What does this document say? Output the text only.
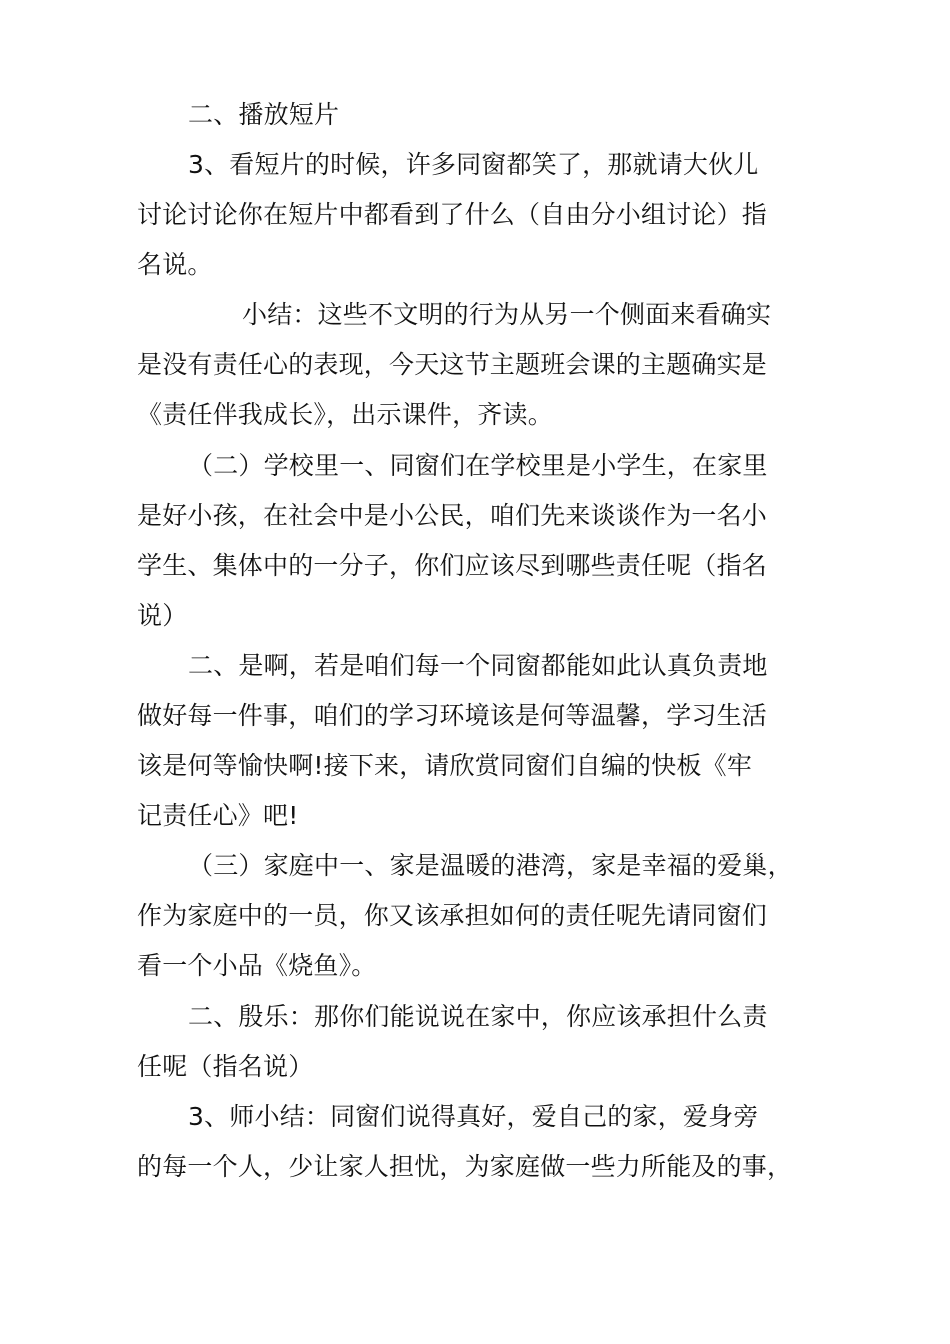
二、播放短片
3、看短片的时候，许多同窗都笑了，那就请大伙儿
讨论讨论你在短片中都看到了什么（自由分小组讨论）指
名说。
小结：这些不文明的行为从另一个侧面来看确实
是没有责任心的表现，今天这节主题班会课的主题确实是
《责任伴我成长》，出示课件，齐读。
（二）学校里一、同窗们在学校里是小学生，在家里
是好小孩，在社会中是小公民，咱们先来谈谈作为一名小
学生、集体中的一分子，你们应该尽到哪些责任呢（指名
说）
二、是啊，若是咱们每一个同窗都能如此认真负责地
做好每一件事，咱们的学习环境该是何等温馨，学习生活
该是何等愉快啊!接下来，请欣赏同窗们自编的快板《牢
记责任心》吧!
（三）家庭中一、家是温暖的港湾，家是幸福的爱巢，
作为家庭中的一员，你又该承担如何的责任呢先请同窗们
看一个小品《烧鱼》。
二、殷乐：那你们能说说在家中，你应该承担什么责
任呢（指名说）
3、师小结：同窗们说得真好，爱自己的家，爱身旁
的每一个人，少让家人担忧，为家庭做一些力所能及的事，
